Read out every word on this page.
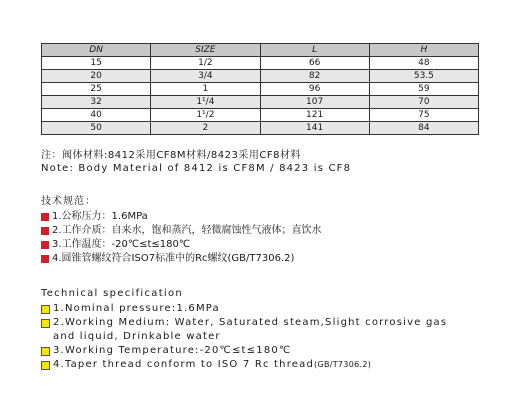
DN	SIZE	L	H
15	1/2	66	48
20	3/4	82	53.5
25	1	96	59
32	1¹/4	107	70
40	1¹/2	121	75
50	2	141	84
注：阀体材料:8412采用CF8M材料/8423采用CF8材料
Note: Body Material of 8412 is CF8M / 8423 is CF8
技术规范：
1.公称压力：1.6MPa
2.工作介质：自来水，饱和蒸汽，轻微腐蚀性气液体；直饮水
3.工作温度：-20℃≤t≤180℃
4.圆锥管螺纹符合ISO7标准中的Rc螺纹(GB/T7306.2)
Technical specification
1.Nominal pressure:1.6MPa
2.Working Medium: Water, Saturated steam,Slight corrosive gas
and liquid, Drinkable water
3.Working Temperature:-20℃≤t≤180℃
4.Taper thread conform to ISO 7 Rc thread (GB/T7306.2)
